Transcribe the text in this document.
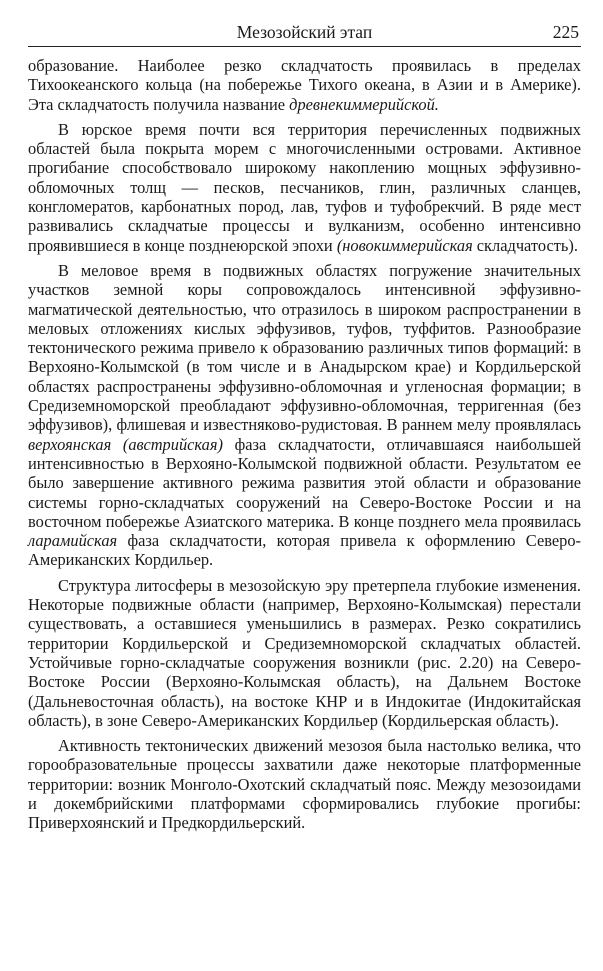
Мезозойский этап	225

образование. Наиболее резко складчатость проявилась в пределах Тихоокеанского кольца (на побережье Тихого океана, в Азии и в Америке). Эта складчатость получила название древнекиммерийской.

В юрское время почти вся территория перечисленных подвижных областей была покрыта морем с многочисленными островами. Активное прогибание способствовало широкому накоплению мощных эффузивно-обломочных толщ — песков, песчаников, глин, различных сланцев, конгломератов, карбонатных пород, лав, туфов и туфобрекчий. В ряде мест развивались складчатые процессы и вулканизм, особенно интенсивно проявившиеся в конце позднеюрской эпохи (новокиммерийская складчатость).

В меловое время в подвижных областях погружение значительных участков земной коры сопровождалось интенсивной эффузивно-магматической деятельностью, что отразилось в широком распространении в меловых отложениях кислых эффузивов, туфов, туффитов. Разнообразие тектонического режима привело к образованию различных типов формаций: в Верхояно-Колымской (в том числе и в Анадырском крае) и Кордильерской областях распространены эффузивно-обломочная и угленосная формации; в Средиземноморской преобладают эффузивно-обломочная, терригенная (без эффузивов), флишевая и известняково-рудистовая. В раннем мелу проявлялась верхоянская (австрийская) фаза складчатости, отличавшаяся наибольшей интенсивностью в Верхояно-Колымской подвижной области. Результатом ее было завершение активного режима развития этой области и образование системы горно-складчатых сооружений на Северо-Востоке России и на восточном побережье Азиатского материка. В конце позднего мела проявилась ларамийская фаза складчатости, которая привела к оформлению Северо-Американских Кордильер.

Структура литосферы в мезозойскую эру претерпела глубокие изменения. Некоторые подвижные области (например, Верхояно-Колымская) перестали существовать, а оставшиеся уменьшились в размерах. Резко сократились территории Кордильерской и Средиземноморской складчатых областей. Устойчивые горно-складчатые сооружения возникли (рис. 2.20) на Северо-Востоке России (Верхояно-Колымская область), на Дальнем Востоке (Дальневосточная область), на востоке КНР и в Индокитае (Индокитайская область), в зоне Северо-Американских Кордильер (Кордильерская область).

Активность тектонических движений мезозоя была настолько велика, что горообразовательные процессы захватили даже некоторые платформенные территории: возник Монголо-Охотский складчатый пояс. Между мезозоидами и докембрийскими платформами сформировались глубокие прогибы: Приверхоянский и Предкордильерский.
